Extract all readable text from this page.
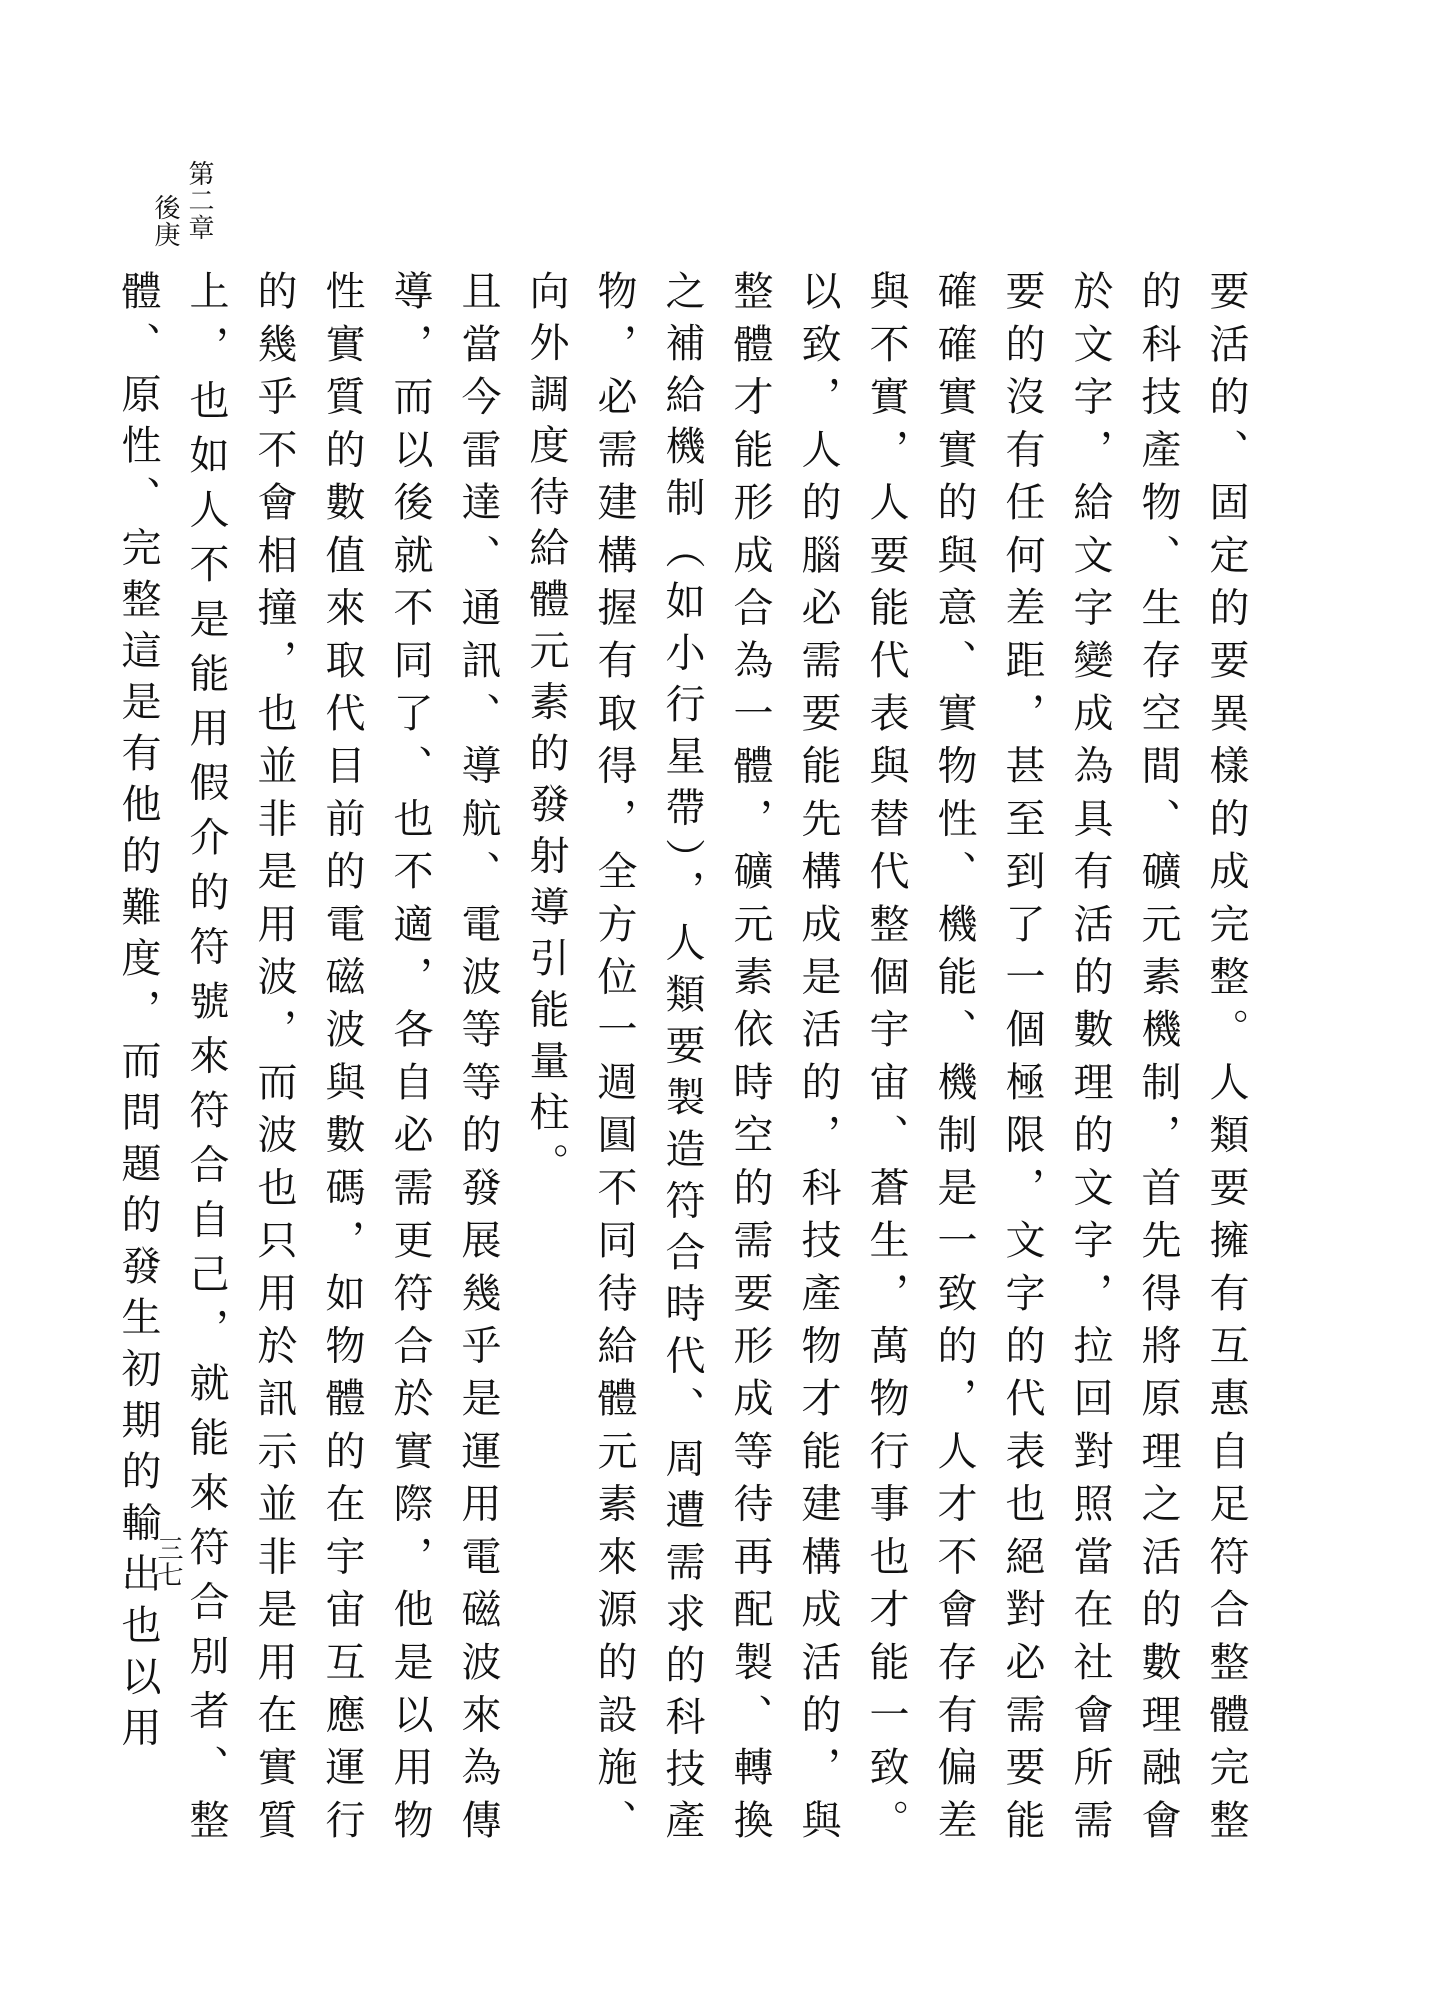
第二章
後庚
三七	要活的、固定的要異樣的成完整。人類要擁有互惠自足符合整體完整的科技產物、生存空間、礦元素機制，首先得將原理之活的數理融會於文字，給文字變成為具有活的數理的文字，拉回對照當在社會所需要的沒有任何差距，甚至到了一個極限，文字的代表也絕對必需要能確確實實的與意、實物性、機能、機制是一致的，人才不會存有偏差與不實，人要能代表與替代整個宇宙、蒼生，萬物行事也才能一致。以致，人的腦必需要能先構成是活的，科技產物才能建構成活的，與整體才能形成合為一體，礦元素依時空的需要形成等待再配製、轉換之補給機制（如小行星帶），人類要製造符合時代、周遭需求的科技產物，必需建構握有取得，全方位一週圓不同待給體元素來源的設施、向外調度待給體元素的發射導引能量柱。

且當今雷達、通訊、導航、電波等等的發展幾乎是運用電磁波來為傳導，而以後就不同了、也不適，各自必需更符合於實際，他是以用物性實質的數值來取代目前的電磁波與數碼，如物體的在宇宙互應運行的幾乎不會相撞，也並非是用波，而波也只用於訊示並非是用在實質上，也如人不是能用假介的符號來符合自己，就能來符合別者、整體、原性、完整這是有他的難度，而問題的發生初期的輸出也以用
